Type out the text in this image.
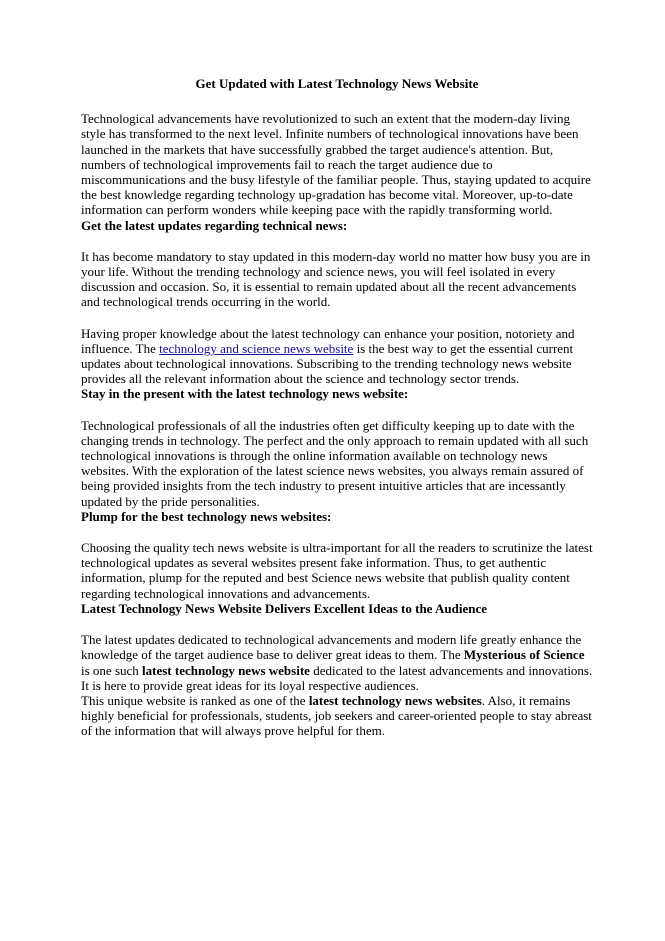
Get Updated with Latest Technology News Website

Technological advancements have revolutionized to such an extent that the modern-day living style has transformed to the next level. Infinite numbers of technological innovations have been launched in the markets that have successfully grabbed the target audience's attention. But, numbers of technological improvements fail to reach the target audience due to miscommunications and the busy lifestyle of the familiar people. Thus, staying updated to acquire the best knowledge regarding technology up-gradation has become vital. Moreover, up-to-date information can perform wonders while keeping pace with the rapidly transforming world.

Get the latest updates regarding technical news:

It has become mandatory to stay updated in this modern-day world no matter how busy you are in your life. Without the trending technology and science news, you will feel isolated in every discussion and occasion. So, it is essential to remain updated about all the recent advancements and technological trends occurring in the world.

Having proper knowledge about the latest technology can enhance your position, notoriety and influence. The technology and science news website is the best way to get the essential current updates about technological innovations. Subscribing to the trending technology news website provides all the relevant information about the science and technology sector trends.

Stay in the present with the latest technology news website:

Technological professionals of all the industries often get difficulty keeping up to date with the changing trends in technology. The perfect and the only approach to remain updated with all such technological innovations is through the online information available on technology news websites. With the exploration of the latest science news websites, you always remain assured of being provided insights from the tech industry to present intuitive articles that are incessantly updated by the pride personalities.

Plump for the best technology news websites:

Choosing the quality tech news website is ultra-important for all the readers to scrutinize the latest technological updates as several websites present fake information. Thus, to get authentic information, plump for the reputed and best Science news website that publish quality content regarding technological innovations and advancements.

Latest Technology News Website Delivers Excellent Ideas to the Audience

The latest updates dedicated to technological advancements and modern life greatly enhance the knowledge of the target audience base to deliver great ideas to them. The Mysterious of Science is one such latest technology news website dedicated to the latest advancements and innovations. It is here to provide great ideas for its loyal respective audiences.

This unique website is ranked as one of the latest technology news websites. Also, it remains highly beneficial for professionals, students, job seekers and career-oriented people to stay abreast of the information that will always prove helpful for them.
